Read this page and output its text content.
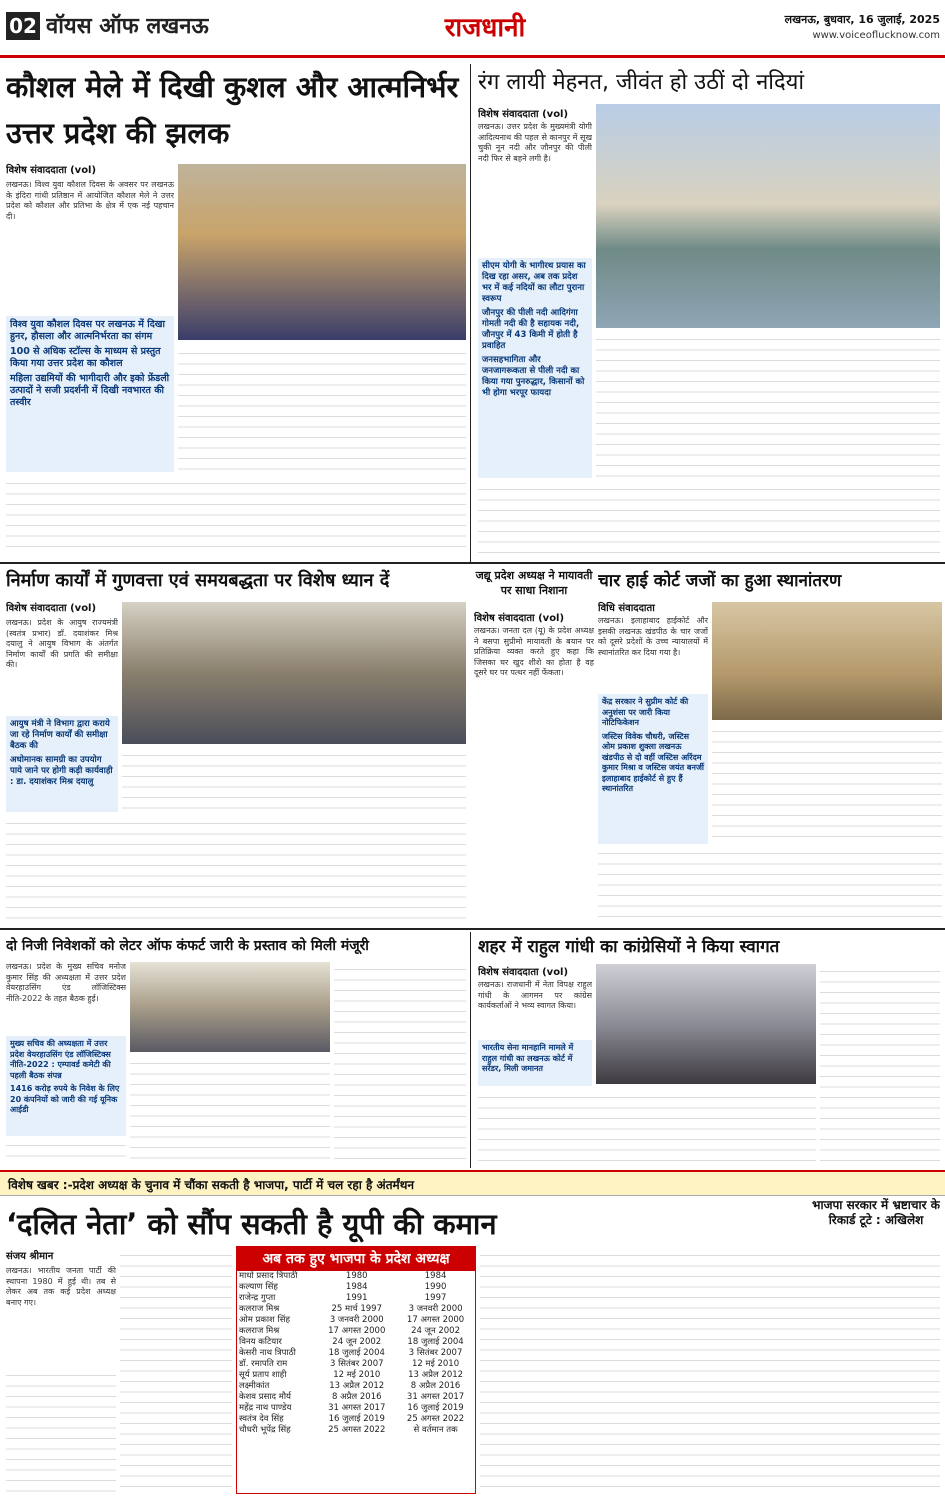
02 वॉयस ऑफ लखनऊ	राजधानी	लखनऊ, बुधवार, 16 जुलाई, 2025
www.voiceoflucknow.com
कौशल मेले में दिखी कुशल और आत्मनिर्भर उत्तर प्रदेश की झलक
विशेष संवाददाता (vol)
लखनऊ। विश्व युवा कौशल दिवस के अवसर पर लखनऊ के इंदिरा गांधी प्रतिष्ठान में आयोजित कौशल मेले ने उत्तर प्रदेश को कौशल और प्रतिभा के क्षेत्र में एक नई पहचान दी।
विश्व युवा कौशल दिवस पर लखनऊ में दिखा हुनर, हौसला और आत्मनिर्भरता का संगम
100 से अधिक स्टॉल्स के माध्यम से प्रस्तुत किया गया उत्तर प्रदेश का कौशल
महिला उद्यमियों की भागीदारी और इको फ्रेंडली उत्पादों ने सजी प्रदर्शनी में दिखी नवभारत की तस्वीर
रंग लायी मेहनत, जीवंत हो उठीं दो नदियां
विशेष संवाददाता (vol)
लखनऊ। उत्तर प्रदेश के मुख्यमंत्री योगी आदित्यनाथ की पहल से कानपुर में सूख चुकी नून नदी और जौनपुर की पीली नदी फिर से बहने लगी है।
सीएम योगी के भागीरथ प्रयास का दिख रहा असर, अब तक प्रदेश भर में कई नदियों का लौटा पुराना स्वरूप
जौनपुर की पीली नदी आदिगंगा गोमती नदी की है सहायक नदी, जौनपुर में 43 किमी में होती है प्रवाहित
जनसहभागिता और जनजागरूकता से पीली नदी का किया गया पुनरुद्धार, किसानों को भी होगा भरपूर फायदा
निर्माण कार्यों में गुणवत्ता एवं समयबद्धता पर विशेष ध्यान दें
विशेष संवाददाता (vol)
लखनऊ। प्रदेश के आयुष राज्यमंत्री (स्वतंत्र प्रभार) डॉ. दयाशंकर मिश्र दयालु ने आयुष विभाग के अंतर्गत निर्माण कार्यों की प्रगति की समीक्षा की।
आयुष मंत्री ने विभाग द्वारा कराये जा रहे निर्माण कार्यों की समीक्षा बैठक की
अधोमानक सामग्री का उपयोग पाये जाने पर होगी कड़ी कार्यवाही : डा. दयाशंकर मिश्र दयालु
जद्यू प्रदेश अध्यक्ष ने मायावती पर साधा निशाना
विशेष संवाददाता (vol)
लखनऊ। जनता दल (यू) के प्रदेश अध्यक्ष ने बसपा सुप्रीमो मायावती के बयान पर प्रतिक्रिया व्यक्त करते हुए कहा कि जिसका घर खुद शीशे का होता है वह दूसरे घर पर पत्थर नहीं फेंकता।
चार हाई कोर्ट जजों का हुआ स्थानांतरण
विधि संवाददाता
लखनऊ। इलाहाबाद हाईकोर्ट और इसकी लखनऊ खंडपीठ के चार जजों को दूसरे प्रदेशों के उच्च न्यायालयों में स्थानांतरित कर दिया गया है।
केंद्र सरकार ने सुप्रीम कोर्ट की अनुशंसा पर जारी किया नोटिफिकेशन
जस्टिस विवेक चौधरी, जस्टिस ओम प्रकाश शुक्ला लखनऊ खंडपीठ से दो वहीं जस्टिस अरिंदम कुमार मिश्रा व जस्टिस जयंत बनर्जी इलाहाबाद हाईकोर्ट से हुए हैं स्थानांतरित
दो निजी निवेशकों को लेटर ऑफ कंफर्ट जारी के प्रस्ताव को मिली मंजूरी
लखनऊ। प्रदेश के मुख्य सचिव मनोज कुमार सिंह की अध्यक्षता में उत्तर प्रदेश वेयरहाउसिंग एंड लॉजिस्टिक्स नीति-2022 के तहत बैठक हुई।
मुख्य सचिव की अध्यक्षता में उत्तर प्रदेश वेयरहाउसिंग एंड लॉजिस्टिक्स नीति-2022 : एम्पावर्ड कमेटी की पहली बैठक संपन्न
1416 करोड़ रुपये के निवेश के लिए 20 कंपनियों को जारी की गई यूनिक आईडी
शहर में राहुल गांधी का कांग्रेसियों ने किया स्वागत
विशेष संवाददाता (vol)
लखनऊ। राजधानी में नेता विपक्ष राहुल गांधी के आगमन पर कांग्रेस कार्यकर्ताओं ने भव्य स्वागत किया।
भारतीय सेना मानहानि मामले में राहुल गांधी का लखनऊ कोर्ट में सरेंडर, मिली जमानत
विशेष खबर :-प्रदेश अध्यक्ष के चुनाव में चौंका सकती है भाजपा, पार्टी में चल रहा है अंतर्मंथन
भाजपा सरकार में भ्रष्टाचार के रिकार्ड टूटे : अखिलेश
‘दलित नेता’ को सौंप सकती है यूपी की कमान
संजय श्रीमान
लखनऊ। भारतीय जनता पार्टी की स्थापना 1980 में हुई थी। तब से लेकर अब तक कई प्रदेश अध्यक्ष बनाए गए।
अब तक हुए भाजपा के प्रदेश अध्यक्ष
माधो प्रसाद त्रिपाठी	1980	1984
कल्याण सिंह	1984	1990
राजेन्द्र गुप्ता	1991	1997
कलराज मिश्र	25 मार्च 1997	3 जनवरी 2000
ओम प्रकाश सिंह	3 जनवरी 2000	17 अगस्त 2000
कलराज मिश्र	17 अगस्त 2000	24 जून 2002
विनय कटियार	24 जून 2002	18 जुलाई 2004
केसरी नाथ त्रिपाठी	18 जुलाई 2004	3 सितंबर 2007
डॉ. रमापति राम	3 सितंबर 2007	12 मई 2010
सूर्य प्रताप शाही	12 मई 2010	13 अप्रैल 2012
लक्ष्मीकांत	13 अप्रैल 2012	8 अप्रैल 2016
केशव प्रसाद मौर्य	8 अप्रैल 2016	31 अगस्त 2017
महेंद्र नाथ पाण्डेय	31 अगस्त 2017	16 जुलाई 2019
स्वतंत्र देव सिंह	16 जुलाई 2019	25 अगस्त 2022
चौधरी भूपेंद्र सिंह	25 अगस्त 2022	से वर्तमान तक
